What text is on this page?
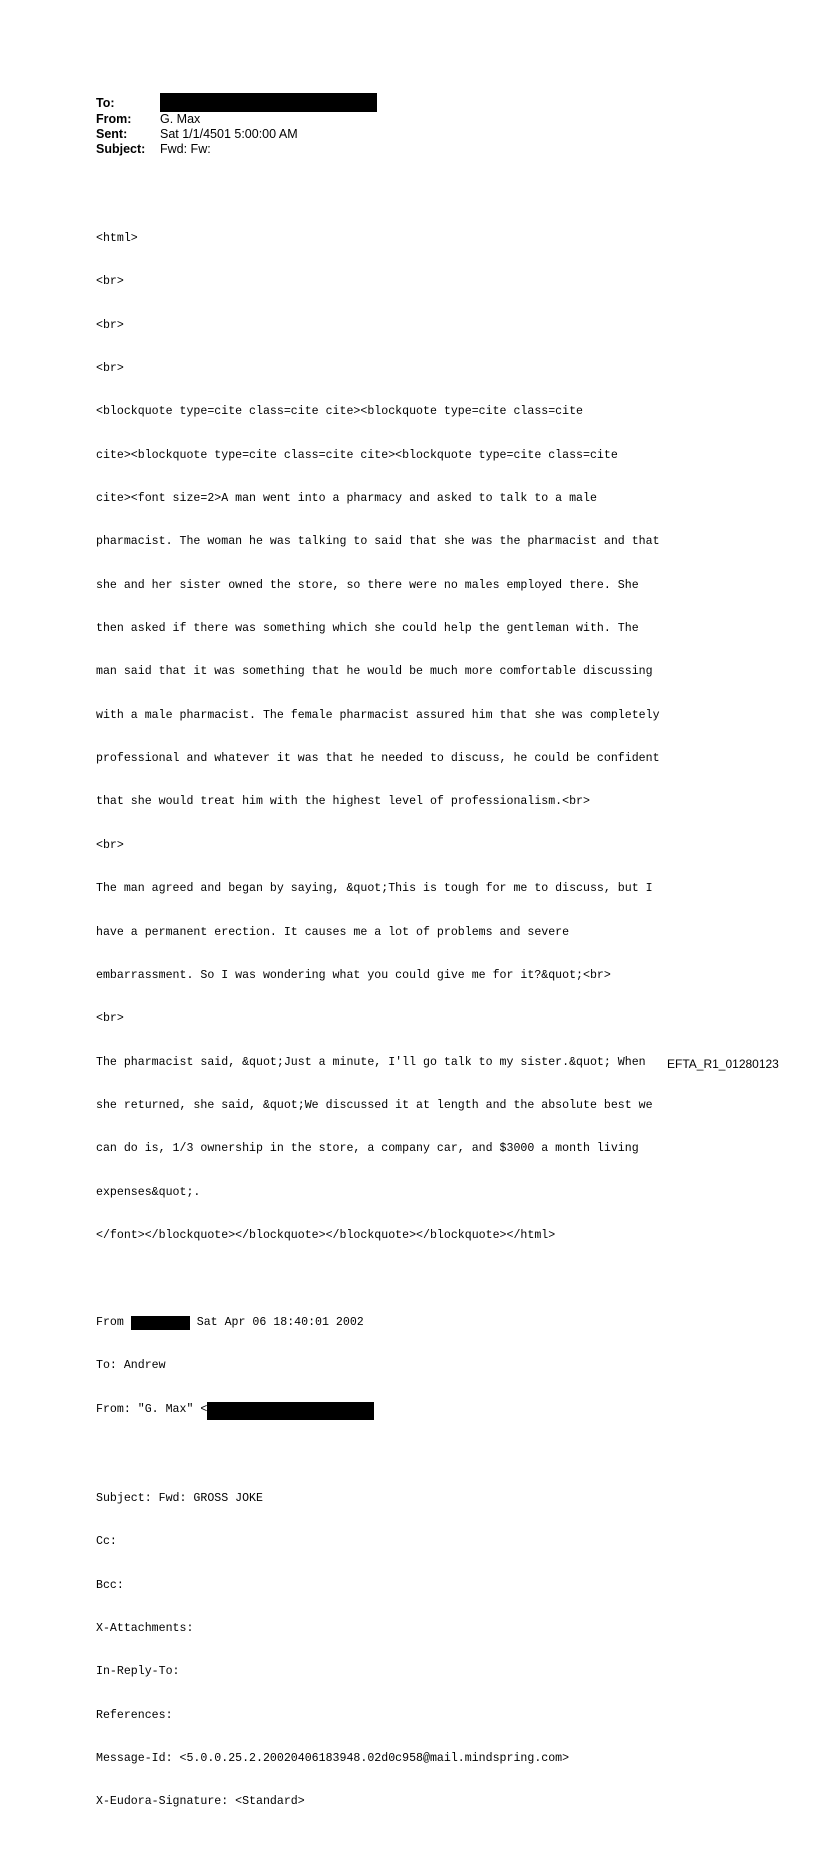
To:
From:	G. Max
Sent:	Sat 1/1/4501 5:00:00 AM
Subject:	Fwd: Fw:

<html>

<br>

<br>

<br>

<blockquote type=cite class=cite cite><blockquote type=cite class=cite

cite><blockquote type=cite class=cite cite><blockquote type=cite class=cite

cite><font size=2>A man went into a pharmacy and asked to talk to a male

pharmacist. The woman he was talking to said that she was the pharmacist and that

she and her sister owned the store, so there were no males employed there. She

then asked if there was something which she could help the gentleman with. The

man said that it was something that he would be much more comfortable discussing

with a male pharmacist. The female pharmacist assured him that she was completely

professional and whatever it was that he needed to discuss, he could be confident

that she would treat him with the highest level of professionalism.<br>

<br>

The man agreed and began by saying, &quot;This is tough for me to discuss, but I

have a permanent erection. It causes me a lot of problems and severe

embarrassment. So I was wondering what you could give me for it?&quot;<br>

<br>

The pharmacist said, &quot;Just a minute, I'll go talk to my sister.&quot; When

she returned, she said, &quot;We discussed it at length and the absolute best we

can do is, 1/3 ownership in the store, a company car, and $3000 a month living

expenses&quot;.

</font></blockquote></blockquote></blockquote></blockquote></html>

From	Sat Apr 06 18:40:01 2002

To: Andrew

From: "G. Max" <

Subject: Fwd: GROSS JOKE

Cc:

Bcc:

X-Attachments:

In-Reply-To:

References:

Message-Id: <5.0.0.25.2.20020406183948.02d0c958@mail.mindspring.com>

X-Eudora-Signature: <Standard>

EFTA_R1_01280123
